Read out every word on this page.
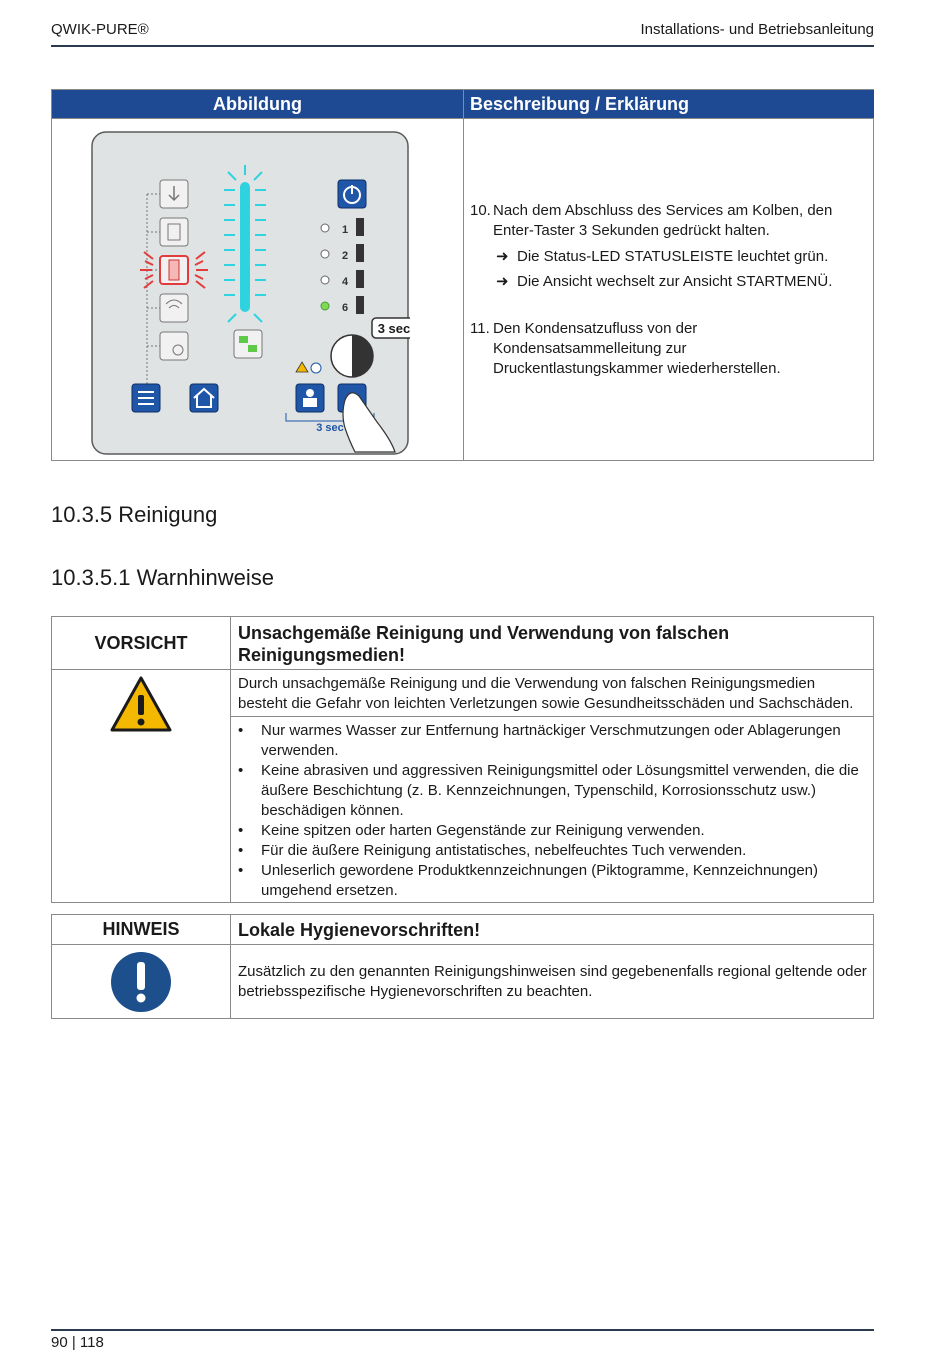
QWIK-PURE®	Installations- und Betriebsanleitung
Abbildung	Beschreibung / Erklärung
1
2
4
6
3 sec
3 sec
10. Nach dem Abschluss des Services am Kolben, den Enter-Taster 3 Sekunden gedrückt halten.
➜ Die Status-LED STATUSLEISTE leuchtet grün.
➜ Die Ansicht wechselt zur Ansicht STARTMENÜ.
11. Den Kondensatzufluss von der Kondensatsammelleitung zur Druckentlastungskammer wiederherstellen.
10.3.5 Reinigung
10.3.5.1 Warnhinweise
VORSICHT	Unsachgemäße Reinigung und Verwendung von falschen Reinigungsmedien!
Durch unsachgemäße Reinigung und die Verwendung von falschen Reinigungsmedien besteht die Gefahr von leichten Verletzungen sowie Gesundheitsschäden und Sachschäden.
• Nur warmes Wasser zur Entfernung hartnäckiger Verschmutzungen oder Ablagerungen verwenden.
• Keine abrasiven und aggressiven Reinigungsmittel oder Lösungsmittel verwenden, die die äußere Beschichtung (z. B. Kennzeichnungen, Typenschild, Korrosionsschutz usw.) beschädigen können.
• Keine spitzen oder harten Gegenstände zur Reinigung verwenden.
• Für die äußere Reinigung antistatisches, nebelfeuchtes Tuch verwenden.
• Unleserlich gewordene Produktkennzeichnungen (Piktogramme, Kennzeichnungen) umgehend ersetzen.
HINWEIS	Lokale Hygienevorschriften!
Zusätzlich zu den genannten Reinigungshinweisen sind gegebenenfalls regional geltende oder betriebsspezifische Hygienevorschriften zu beachten.
90 | 118
